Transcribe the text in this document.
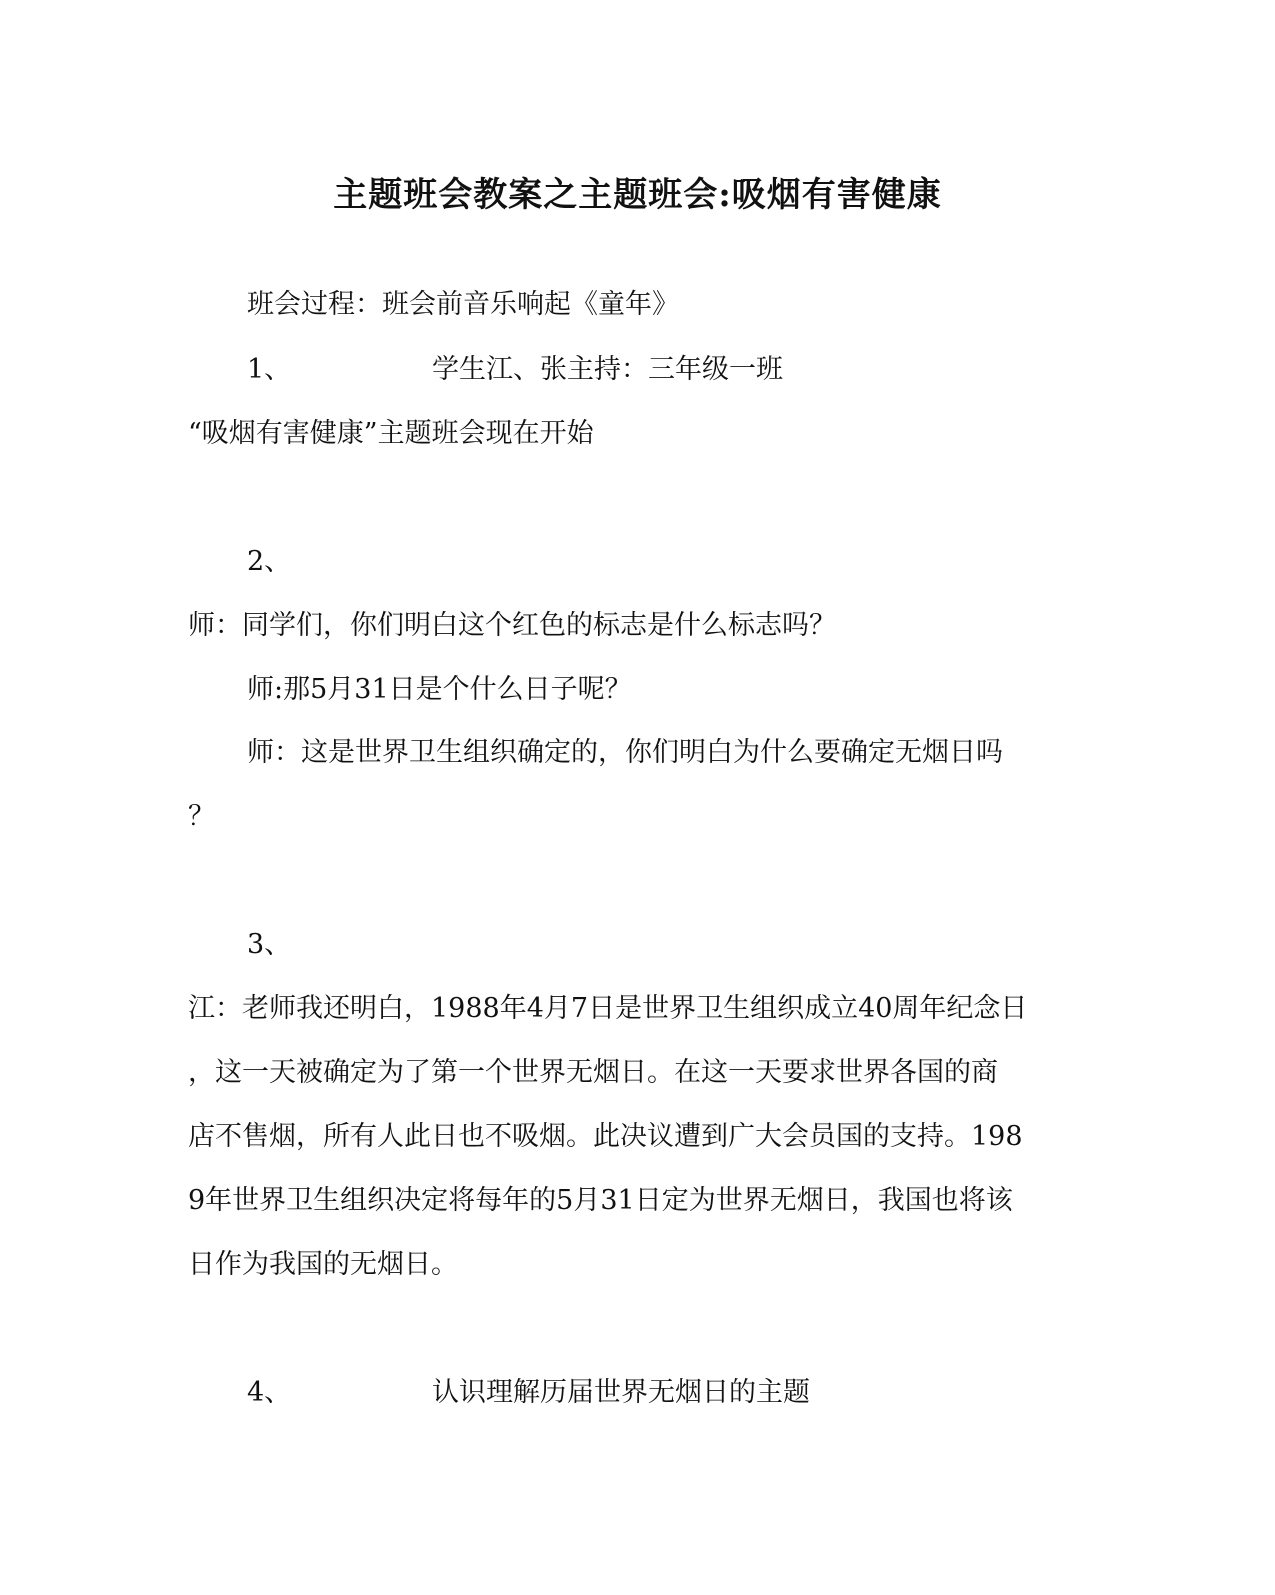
主题班会教案之主题班会:吸烟有害健康
班会过程：班会前音乐响起《童年》
1、	学生江、张主持：三年级一班
“吸烟有害健康”主题班会现在开始
2、
师：同学们，你们明白这个红色的标志是什么标志吗？
师:那5月31日是个什么日子呢？
师：这是世界卫生组织确定的，你们明白为什么要确定无烟日吗
？
3、
江：老师我还明白，1988年4月7日是世界卫生组织成立40周年纪念日
，这一天被确定为了第一个世界无烟日。在这一天要求世界各国的商
店不售烟，所有人此日也不吸烟。此决议遭到广大会员国的支持。198
9年世界卫生组织决定将每年的5月31日定为世界无烟日，我国也将该
日作为我国的无烟日。
4、	认识理解历届世界无烟日的主题
